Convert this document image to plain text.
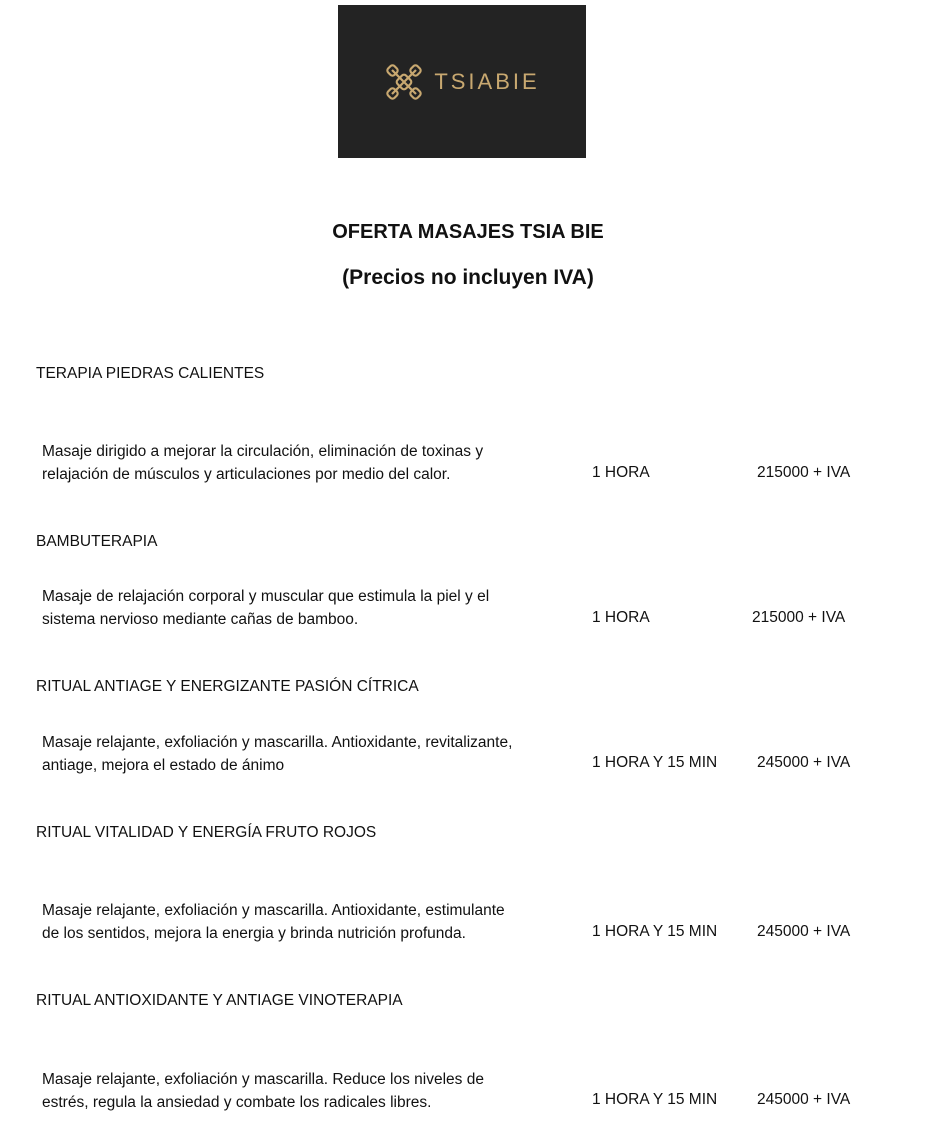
TSIABIE
OFERTA MASAJES TSIA BIE
(Precios no incluyen IVA)
TERAPIA PIEDRAS CALIENTES
Masaje dirigido a mejorar la circulación, eliminación de toxinas y
relajación de músculos y articulaciones por medio del calor.	1 HORA	215000 + IVA
BAMBUTERAPIA
Masaje de relajación corporal y muscular que estimula la piel y el
sistema nervioso mediante cañas de bamboo.	1 HORA	215000 + IVA
RITUAL ANTIAGE Y ENERGIZANTE PASIÓN CÍTRICA
Masaje relajante, exfoliación y mascarilla. Antioxidante, revitalizante,
antiage, mejora el estado de ánimo	1 HORA Y 15 MIN	245000 + IVA
RITUAL VITALIDAD Y ENERGÍA FRUTO ROJOS
Masaje relajante, exfoliación y mascarilla. Antioxidante, estimulante
de los sentidos, mejora la energia y brinda nutrición profunda.	1 HORA Y 15 MIN	245000 + IVA
RITUAL ANTIOXIDANTE Y ANTIAGE VINOTERAPIA
Masaje relajante, exfoliación y mascarilla. Reduce los niveles de
estrés, regula la ansiedad y combate los radicales libres.	1 HORA Y 15 MIN	245000 + IVA
